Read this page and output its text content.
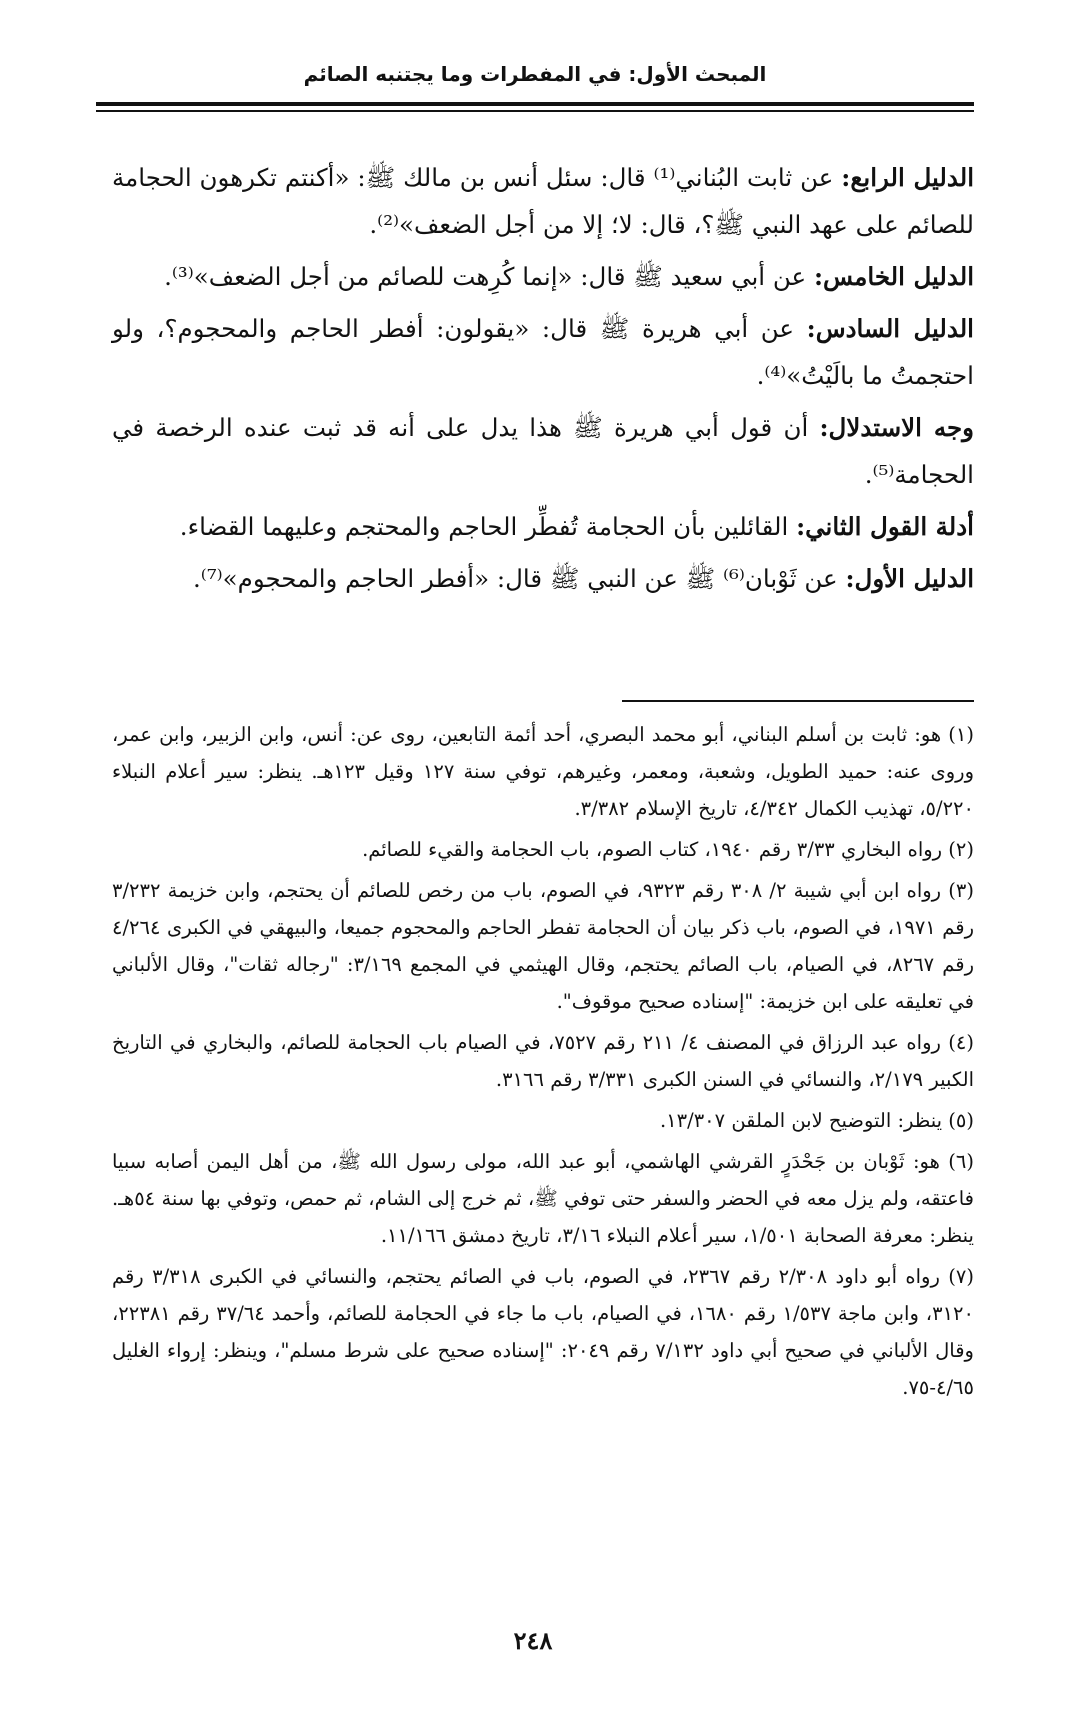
المبحث الأول: في المفطرات وما يجتنبه الصائم

الدليل الرابع: عن ثابت البُناني⁽¹⁾ قال: سئل أنس بن مالك ﷺ: «أكنتم تكرهون الحجامة للصائم على عهد النبي ﷺ؟، قال: لا؛ إلا من أجل الضعف»⁽²⁾.

الدليل الخامس: عن أبي سعيد ﷺ قال: «إنما كُرِهت للصائم من أجل الضعف»⁽³⁾.

الدليل السادس: عن أبي هريرة ﷺ قال: «يقولون: أفطر الحاجم والمحجوم؟، ولو احتجمتُ ما بالَيْتُ»⁽⁴⁾.

وجه الاستدلال: أن قول أبي هريرة ﷺ هذا يدل على أنه قد ثبت عنده الرخصة في الحجامة⁽⁵⁾.

أدلة القول الثاني: القائلين بأن الحجامة تُفطِّر الحاجم والمحتجم وعليهما القضاء.

الدليل الأول: عن ثَوْبان⁽⁶⁾ ﷺ عن النبي ﷺ قال: «أفطر الحاجم والمحجوم»⁽⁷⁾.

(١) هو: ثابت بن أسلم البناني، أبو محمد البصري، أحد أئمة التابعين، روى عن: أنس، وابن الزبير، وابن عمر، وروى عنه: حميد الطويل، وشعبة، ومعمر، وغيرهم، توفي سنة ١٢٧ وقيل ١٢٣هـ. ينظر: سير أعلام النبلاء ٥/٢٢٠، تهذيب الكمال ٤/٣٤٢، تاريخ الإسلام ٣/٣٨٢.

(٢) رواه البخاري ٣/٣٣ رقم ١٩٤٠، كتاب الصوم، باب الحجامة والقيء للصائم.

(٣) رواه ابن أبي شيبة ٢/ ٣٠٨ رقم ٩٣٢٣، في الصوم، باب من رخص للصائم أن يحتجم، وابن خزيمة ٣/٢٣٢ رقم ١٩٧١، في الصوم، باب ذكر بيان أن الحجامة تفطر الحاجم والمحجوم جميعا، والبيهقي في الكبرى ٤/٢٦٤ رقم ٨٢٦٧، في الصيام، باب الصائم يحتجم، وقال الهيثمي في المجمع ٣/١٦٩: "رجاله ثقات"، وقال الألباني في تعليقه على ابن خزيمة: "إسناده صحيح موقوف".

(٤) رواه عبد الرزاق في المصنف ٤/ ٢١١ رقم ٧٥٢٧، في الصيام باب الحجامة للصائم، والبخاري في التاريخ الكبير ٢/١٧٩، والنسائي في السنن الكبرى ٣/٣٣١ رقم ٣١٦٦.

(٥) ينظر: التوضيح لابن الملقن ١٣/٣٠٧.

(٦) هو: ثَوْبان بن جَحْدَرٍ القرشي الهاشمي، أبو عبد الله، مولى رسول الله ﷺ، من أهل اليمن أصابه سبيا فاعتقه، ولم يزل معه في الحضر والسفر حتى توفي ﷺ، ثم خرج إلى الشام، ثم حمص، وتوفي بها سنة ٥٤هـ. ينظر: معرفة الصحابة ١/٥٠١، سير أعلام النبلاء ٣/١٦، تاريخ دمشق ١١/١٦٦.

(٧) رواه أبو داود ٢/٣٠٨ رقم ٢٣٦٧، في الصوم، باب في الصائم يحتجم، والنسائي في الكبرى ٣/٣١٨ رقم ٣١٢٠، وابن ماجة ١/٥٣٧ رقم ١٦٨٠، في الصيام، باب ما جاء في الحجامة للصائم، وأحمد ٣٧/٦٤ رقم ٢٢٣٨١، وقال الألباني في صحيح أبي داود ٧/١٣٢ رقم ٢٠٤٩: "إسناده صحيح على شرط مسلم"، وينظر: إرواء الغليل ٤/٦٥-٧٥.

٢٤٨
